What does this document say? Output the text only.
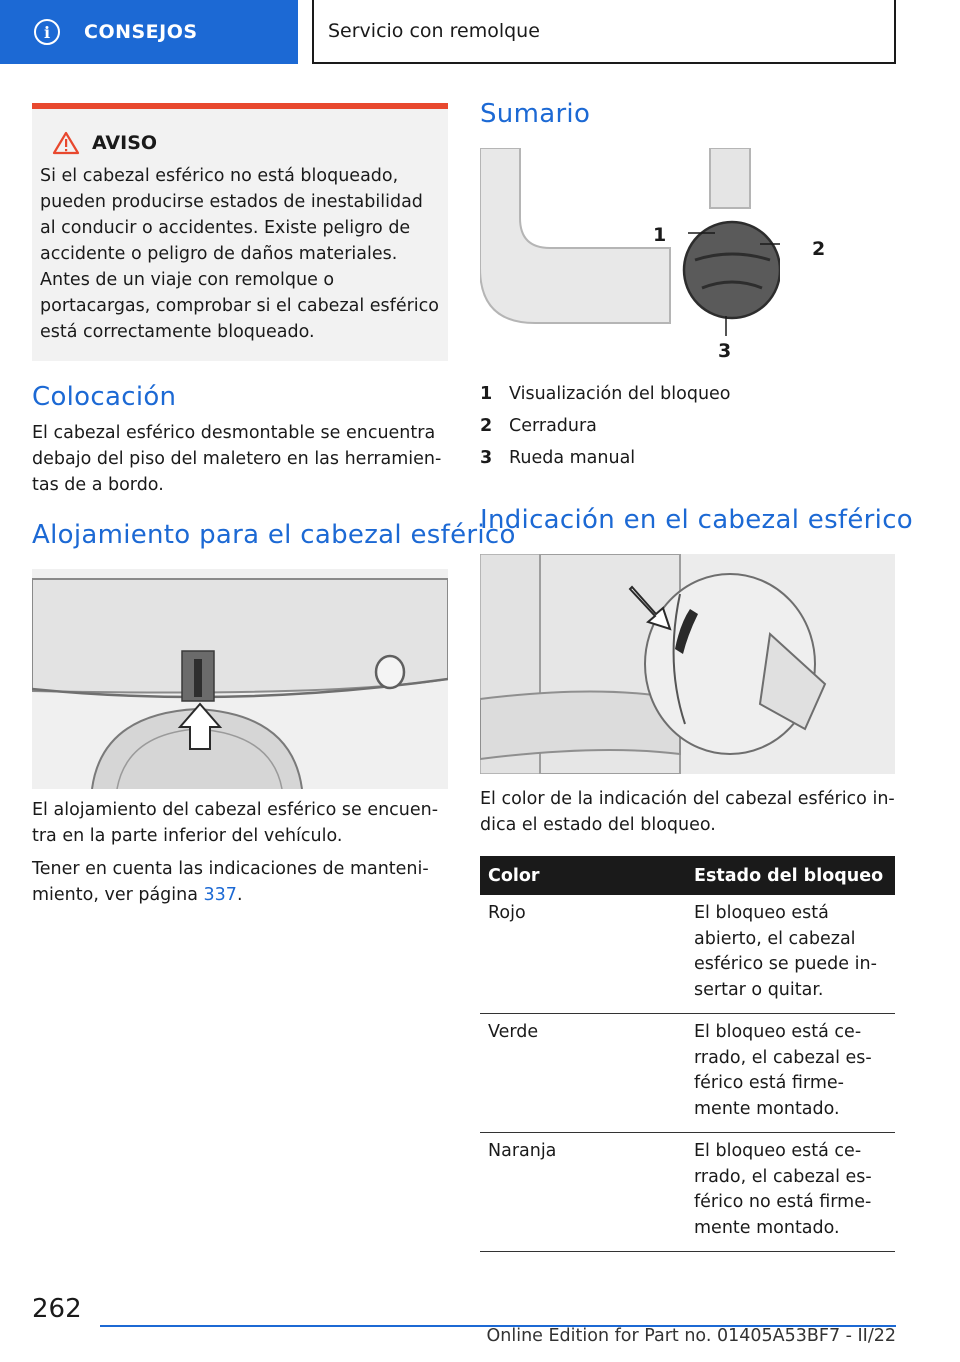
i	CONSEJOS	Servicio con remolque
AVISO
Si el cabezal esférico no está bloqueado, pueden producirse estados de inestabilidad al conducir o accidentes. Existe peligro de accidente o peligro de daños materiales. Antes de un viaje con remolque o portacargas, comprobar si el cabezal esférico está correctamente bloqueado.
Colocación
El cabezal esférico desmontable se encuentra debajo del piso del maletero en las herramientas de a bordo.
Alojamiento para el cabezal esférico
El alojamiento del cabezal esférico se encuentra en la parte inferior del vehículo.
Tener en cuenta las indicaciones de mantenimiento, ver página 337.
Sumario
1
2
3
1 Visualización del bloqueo
2 Cerradura
3 Rueda manual
Indicación en el cabezal esférico
El color de la indicación del cabezal esférico indica el estado del bloqueo.
Color	Estado del bloqueo
Rojo	El bloqueo está abierto, el cabezal esférico se puede insertar o quitar.
Verde	El bloqueo está cerrado, el cabezal esférico está firmemente montado.
Naranja	El bloqueo está cerrado, el cabezal esférico no está firmemente montado.
262
Online Edition for Part no. 01405A53BF7 - II/22
